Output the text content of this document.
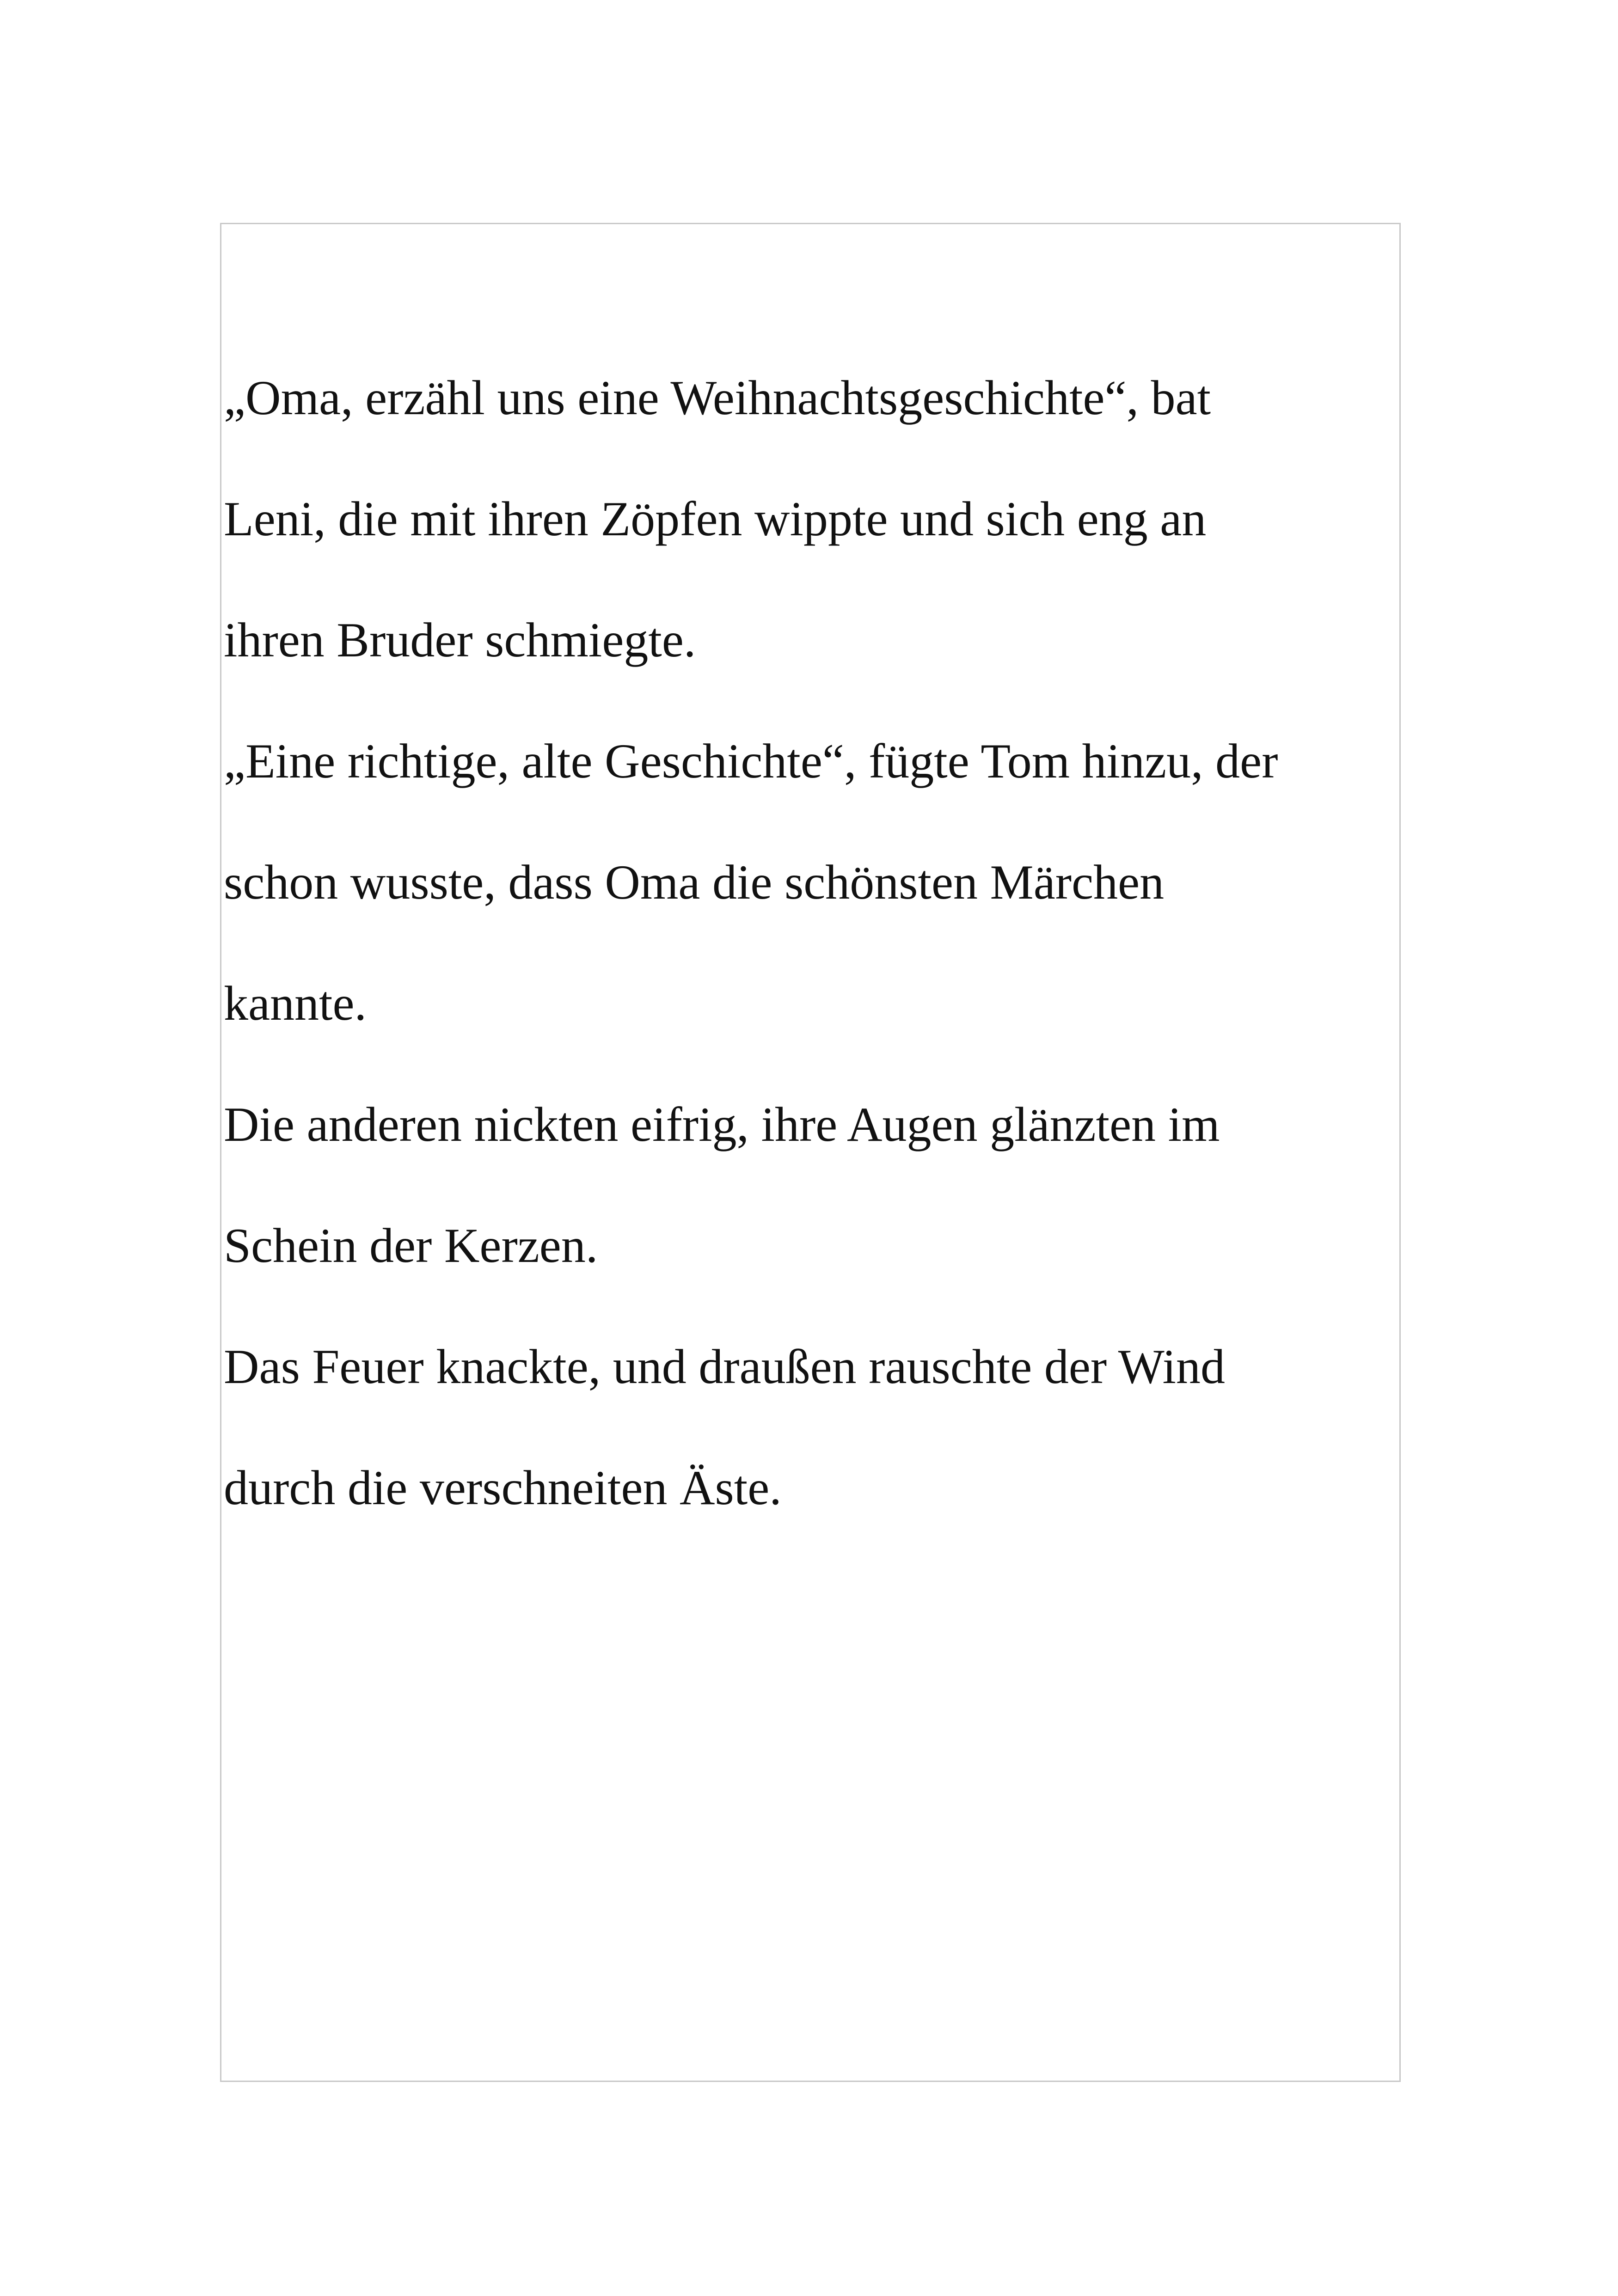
„Oma, erzähl uns eine Weihnachtsgeschichte“, bat
Leni, die mit ihren Zöpfen wippte und sich eng an
ihren Bruder schmiegte.
„Eine richtige, alte Geschichte“, fügte Tom hinzu, der
schon wusste, dass Oma die schönsten Märchen
kannte.
Die anderen nickten eifrig, ihre Augen glänzten im
Schein der Kerzen.
Das Feuer knackte, und draußen rauschte der Wind
durch die verschneiten Äste.
